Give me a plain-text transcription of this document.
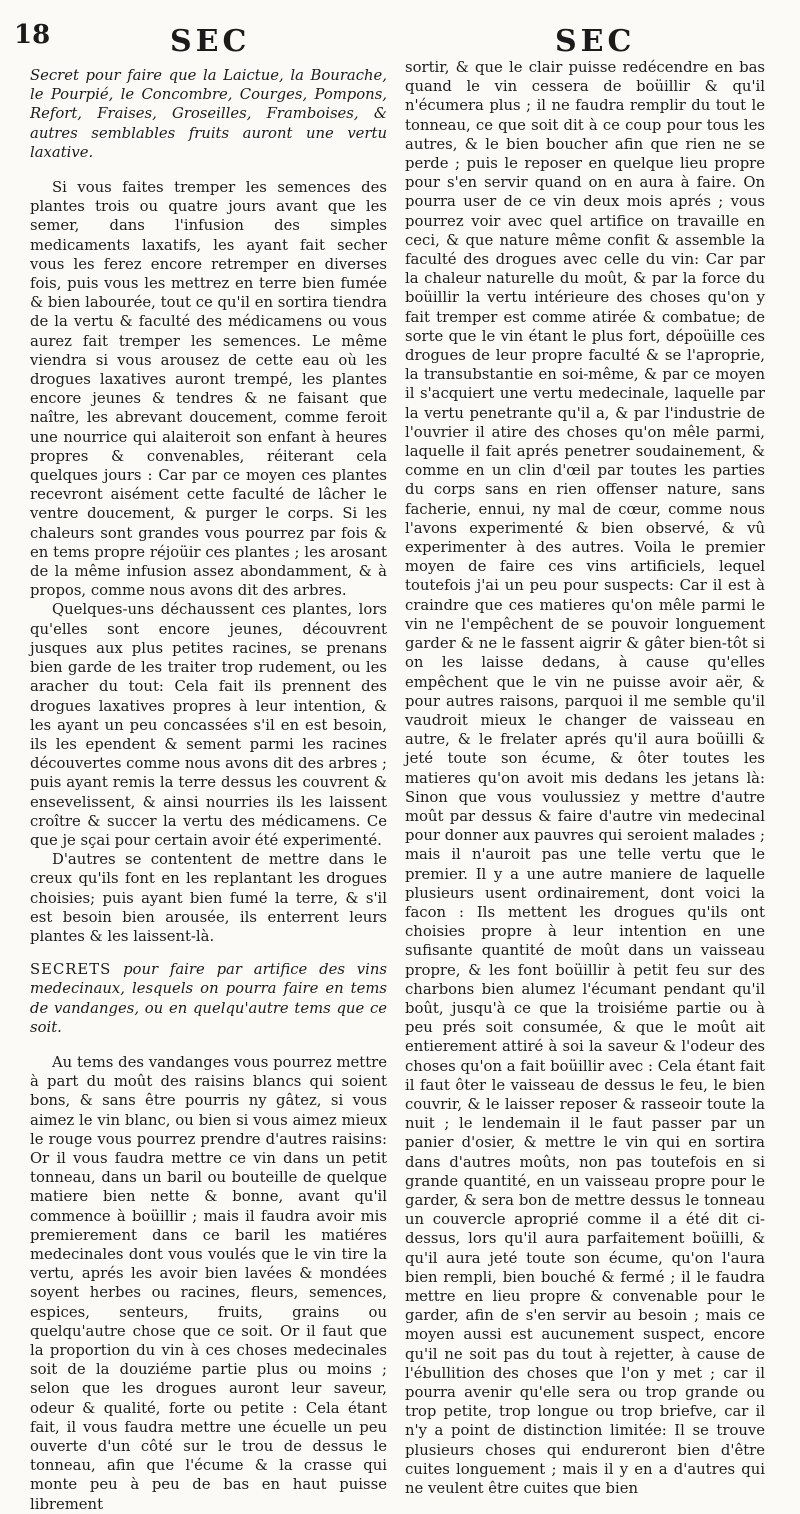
18	SEC	SEC

Secret pour faire que la Laictue, la Bourache, le Pourpié, le Concombre, Courges, Pompons, Refort, Fraises, Groseilles, Framboises, & autres semblables fruits auront une vertu laxative.

Si vous faites tremper les semences des plantes trois ou quatre jours avant que les semer, dans l'infusion des simples medicaments laxatifs, les ayant fait secher vous les ferez encore retremper en diverses fois, puis vous les mettrez en terre bien fumée & bien labourée, tout ce qu'il en sortira tiendra de la vertu & faculté des médicamens ou vous aurez fait tremper les semences. Le même viendra si vous arousez de cette eau où les drogues laxatives auront trempé, les plantes encore jeunes & tendres & ne faisant que naître, les abrevant doucement, comme feroit une nourrice qui alaiteroit son enfant à heures propres & convenables, réiterant cela quelques jours : Car par ce moyen ces plantes recevront aisément cette faculté de lâcher le ventre doucement, & purger le corps. Si les chaleurs sont grandes vous pourrez par fois & en tems propre réjoüir ces plantes ; les arosant de la même infusion assez abondamment, & à propos, comme nous avons dit des arbres.

Quelques-uns déchaussent ces plantes, lors qu'elles sont encore jeunes, découvrent jusques aux plus petites racines, se prenans bien garde de les traiter trop rudement, ou les aracher du tout: Cela fait ils prennent des drogues laxatives propres à leur intention, & les ayant un peu concassées s'il en est besoin, ils les ependent & sement parmi les racines découvertes comme nous avons dit des arbres ; puis ayant remis la terre dessus les couvrent & ensevelissent, & ainsi nourries ils les laissent croître & succer la vertu des médicamens. Ce que je sçai pour certain avoir été experimenté.

D'autres se contentent de mettre dans le creux qu'ils font en les replantant les drogues choisies; puis ayant bien fumé la terre, & s'il est besoin bien arousée, ils enterrent leurs plantes & les laissent-là.

SECRETS pour faire par artifice des vins medecinaux, lesquels on pourra faire en tems de vandanges, ou en quelqu'autre tems que ce soit.

Au tems des vandanges vous pourrez mettre à part du moût des raisins blancs qui soient bons, & sans être pourris ny gâtez, si vous aimez le vin blanc, ou bien si vous aimez mieux le rouge vous pourrez prendre d'autres raisins: Or il vous faudra mettre ce vin dans un petit tonneau, dans un baril ou bouteille de quelque matiere bien nette & bonne, avant qu'il commence à boüillir ; mais il faudra avoir mis premierement dans ce baril les matiéres medecinales dont vous voulés que le vin tire la vertu, aprés les avoir bien lavées & mondées soyent herbes ou racines, fleurs, semences, espices, senteurs, fruits, grains ou quelqu'autre chose que ce soit. Or il faut que la proportion du vin à ces choses medecinales soit de la douziéme partie plus ou moins ; selon que les drogues auront leur saveur, odeur & qualité, forte ou petite : Cela étant fait, il vous faudra mettre une écuelle un peu ouverte d'un côté sur le trou de dessus le tonneau, afin que l'écume & la crasse qui monte peu à peu de bas en haut puisse librement

sortir, & que le clair puisse redécendre en bas quand le vin cessera de boüillir & qu'il n'écumera plus ; il ne faudra remplir du tout le tonneau, ce que soit dit à ce coup pour tous les autres, & le bien boucher afin que rien ne se perde ; puis le reposer en quelque lieu propre pour s'en servir quand on en aura à faire. On pourra user de ce vin deux mois aprés ; vous pourrez voir avec quel artifice on travaille en ceci, & que nature même confit & assemble la faculté des drogues avec celle du vin: Car par la chaleur naturelle du moût, & par la force du boüillir la vertu intérieure des choses qu'on y fait tremper est comme atirée & combatue; de sorte que le vin étant le plus fort, dépoüille ces drogues de leur propre faculté & se l'aproprie, la transubstantie en soi-même, & par ce moyen il s'acquiert une vertu medecinale, laquelle par la vertu penetrante qu'il a, & par l'industrie de l'ouvrier il atire des choses qu'on mêle parmi, laquelle il fait aprés penetrer soudainement, & comme en un clin d'œil par toutes les parties du corps sans en rien offenser nature, sans facherie, ennui, ny mal de cœur, comme nous l'avons experimenté & bien observé, & vû experimenter à des autres. Voila le premier moyen de faire ces vins artificiels, lequel toutefois j'ai un peu pour suspects: Car il est à craindre que ces matieres qu'on mêle parmi le vin ne l'empêchent de se pouvoir longuement garder & ne le fassent aigrir & gâter bien-tôt si on les laisse dedans, à cause qu'elles empêchent que le vin ne puisse avoir aër, & pour autres raisons, parquoi il me semble qu'il vaudroit mieux le changer de vaisseau en autre, & le frelater aprés qu'il aura boüilli & jeté toute son écume, & ôter toutes les matieres qu'on avoit mis dedans les jetans là: Sinon que vous voulussiez y mettre d'autre moût par dessus & faire d'autre vin medecinal pour donner aux pauvres qui seroient malades ; mais il n'auroit pas une telle vertu que le premier. Il y a une autre maniere de laquelle plusieurs usent ordinairement, dont voici la facon : Ils mettent les drogues qu'ils ont choisies propre à leur intention en une sufisante quantité de moût dans un vaisseau propre, & les font boüillir à petit feu sur des charbons bien alumez l'écumant pendant qu'il boût, jusqu'à ce que la troisiéme partie ou à peu prés soit consumée, & que le moût ait entierement attiré à soi la saveur & l'odeur des choses qu'on a fait boüillir avec : Cela étant fait il faut ôter le vaisseau de dessus le feu, le bien couvrir, & le laisser reposer & rasseoir toute la nuit ; le lendemain il le faut passer par un panier d'osier, & mettre le vin qui en sortira dans d'autres moûts, non pas toutefois en si grande quantité, en un vaisseau propre pour le garder, & sera bon de mettre dessus le tonneau un couvercle aproprié comme il a été dit ci-dessus, lors qu'il aura parfaitement boüilli, & qu'il aura jeté toute son écume, qu'on l'aura bien rempli, bien bouché & fermé ; il le faudra mettre en lieu propre & convenable pour le garder, afin de s'en servir au besoin ; mais ce moyen aussi est aucunement suspect, encore qu'il ne soit pas du tout à rejetter, à cause de l'ébullition des choses que l'on y met ; car il pourra avenir qu'elle sera ou trop grande ou trop petite, trop longue ou trop briefve, car il n'y a point de distinction limitée: Il se trouve plusieurs choses qui endureront bien d'être cuites longuement ; mais il y en a d'autres qui ne veulent être cuites que bien
